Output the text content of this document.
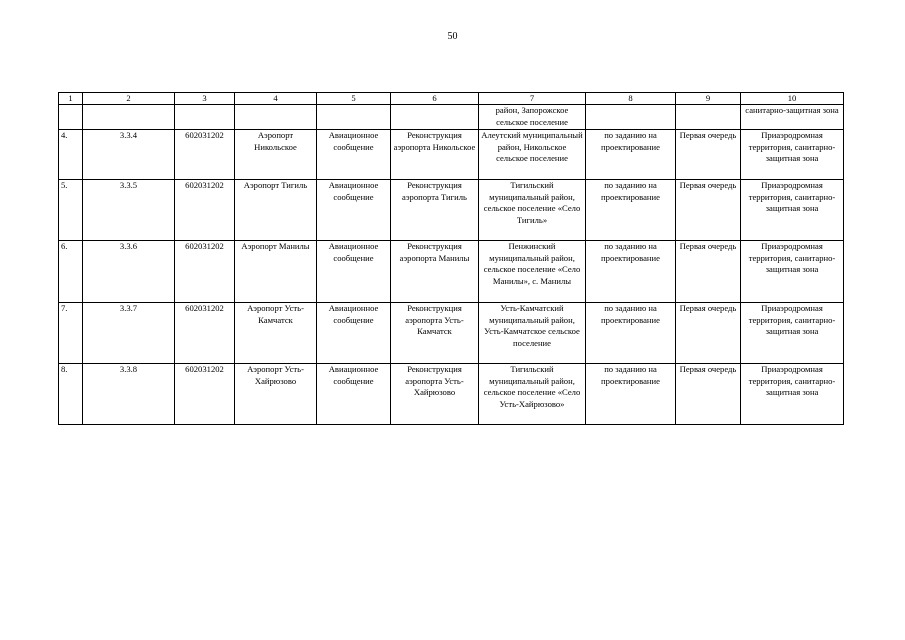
50
1	2	3	4	5	6	7	8	9	10
						район, Запорожское сельское поселение			санитарно-защитная зона
4.	3.3.4	602031202	Аэропорт Никольское	Авиационное сообщение	Реконструкция аэропорта Никольское	Алеутский муниципальный район, Никольское сельское поселение	по заданию на проектирование	Первая очередь	Приаэродромная территория, санитарно-защитная зона
5.	3.3.5	602031202	Аэропорт Тигиль	Авиационное сообщение	Реконструкция аэропорта Тигиль	Тигильский муниципальный район, сельское поселение «Село Тигиль»	по заданию на проектирование	Первая очередь	Приаэродромная территория, санитарно-защитная зона
6.	3.3.6	602031202	Аэропорт Манилы	Авиационное сообщение	Реконструкция аэропорта Манилы	Пенжинский муниципальный район, сельское поселение «Село Манилы», с. Манилы	по заданию на проектирование	Первая очередь	Приаэродромная территория, санитарно-защитная зона
7.	3.3.7	602031202	Аэропорт Усть-Камчатск	Авиационное сообщение	Реконструкция аэропорта Усть-Камчатск	Усть-Камчатский муниципальный район, Усть-Камчатское сельское поселение	по заданию на проектирование	Первая очередь	Приаэродромная территория, санитарно-защитная зона
8.	3.3.8	602031202	Аэропорт Усть-Хайрюзово	Авиационное сообщение	Реконструкция аэропорта Усть-Хайрюзово	Тигильский муниципальный район, сельское поселение «Село Усть-Хайрюзово»	по заданию на проектирование	Первая очередь	Приаэродромная территория, санитарно-защитная зона
